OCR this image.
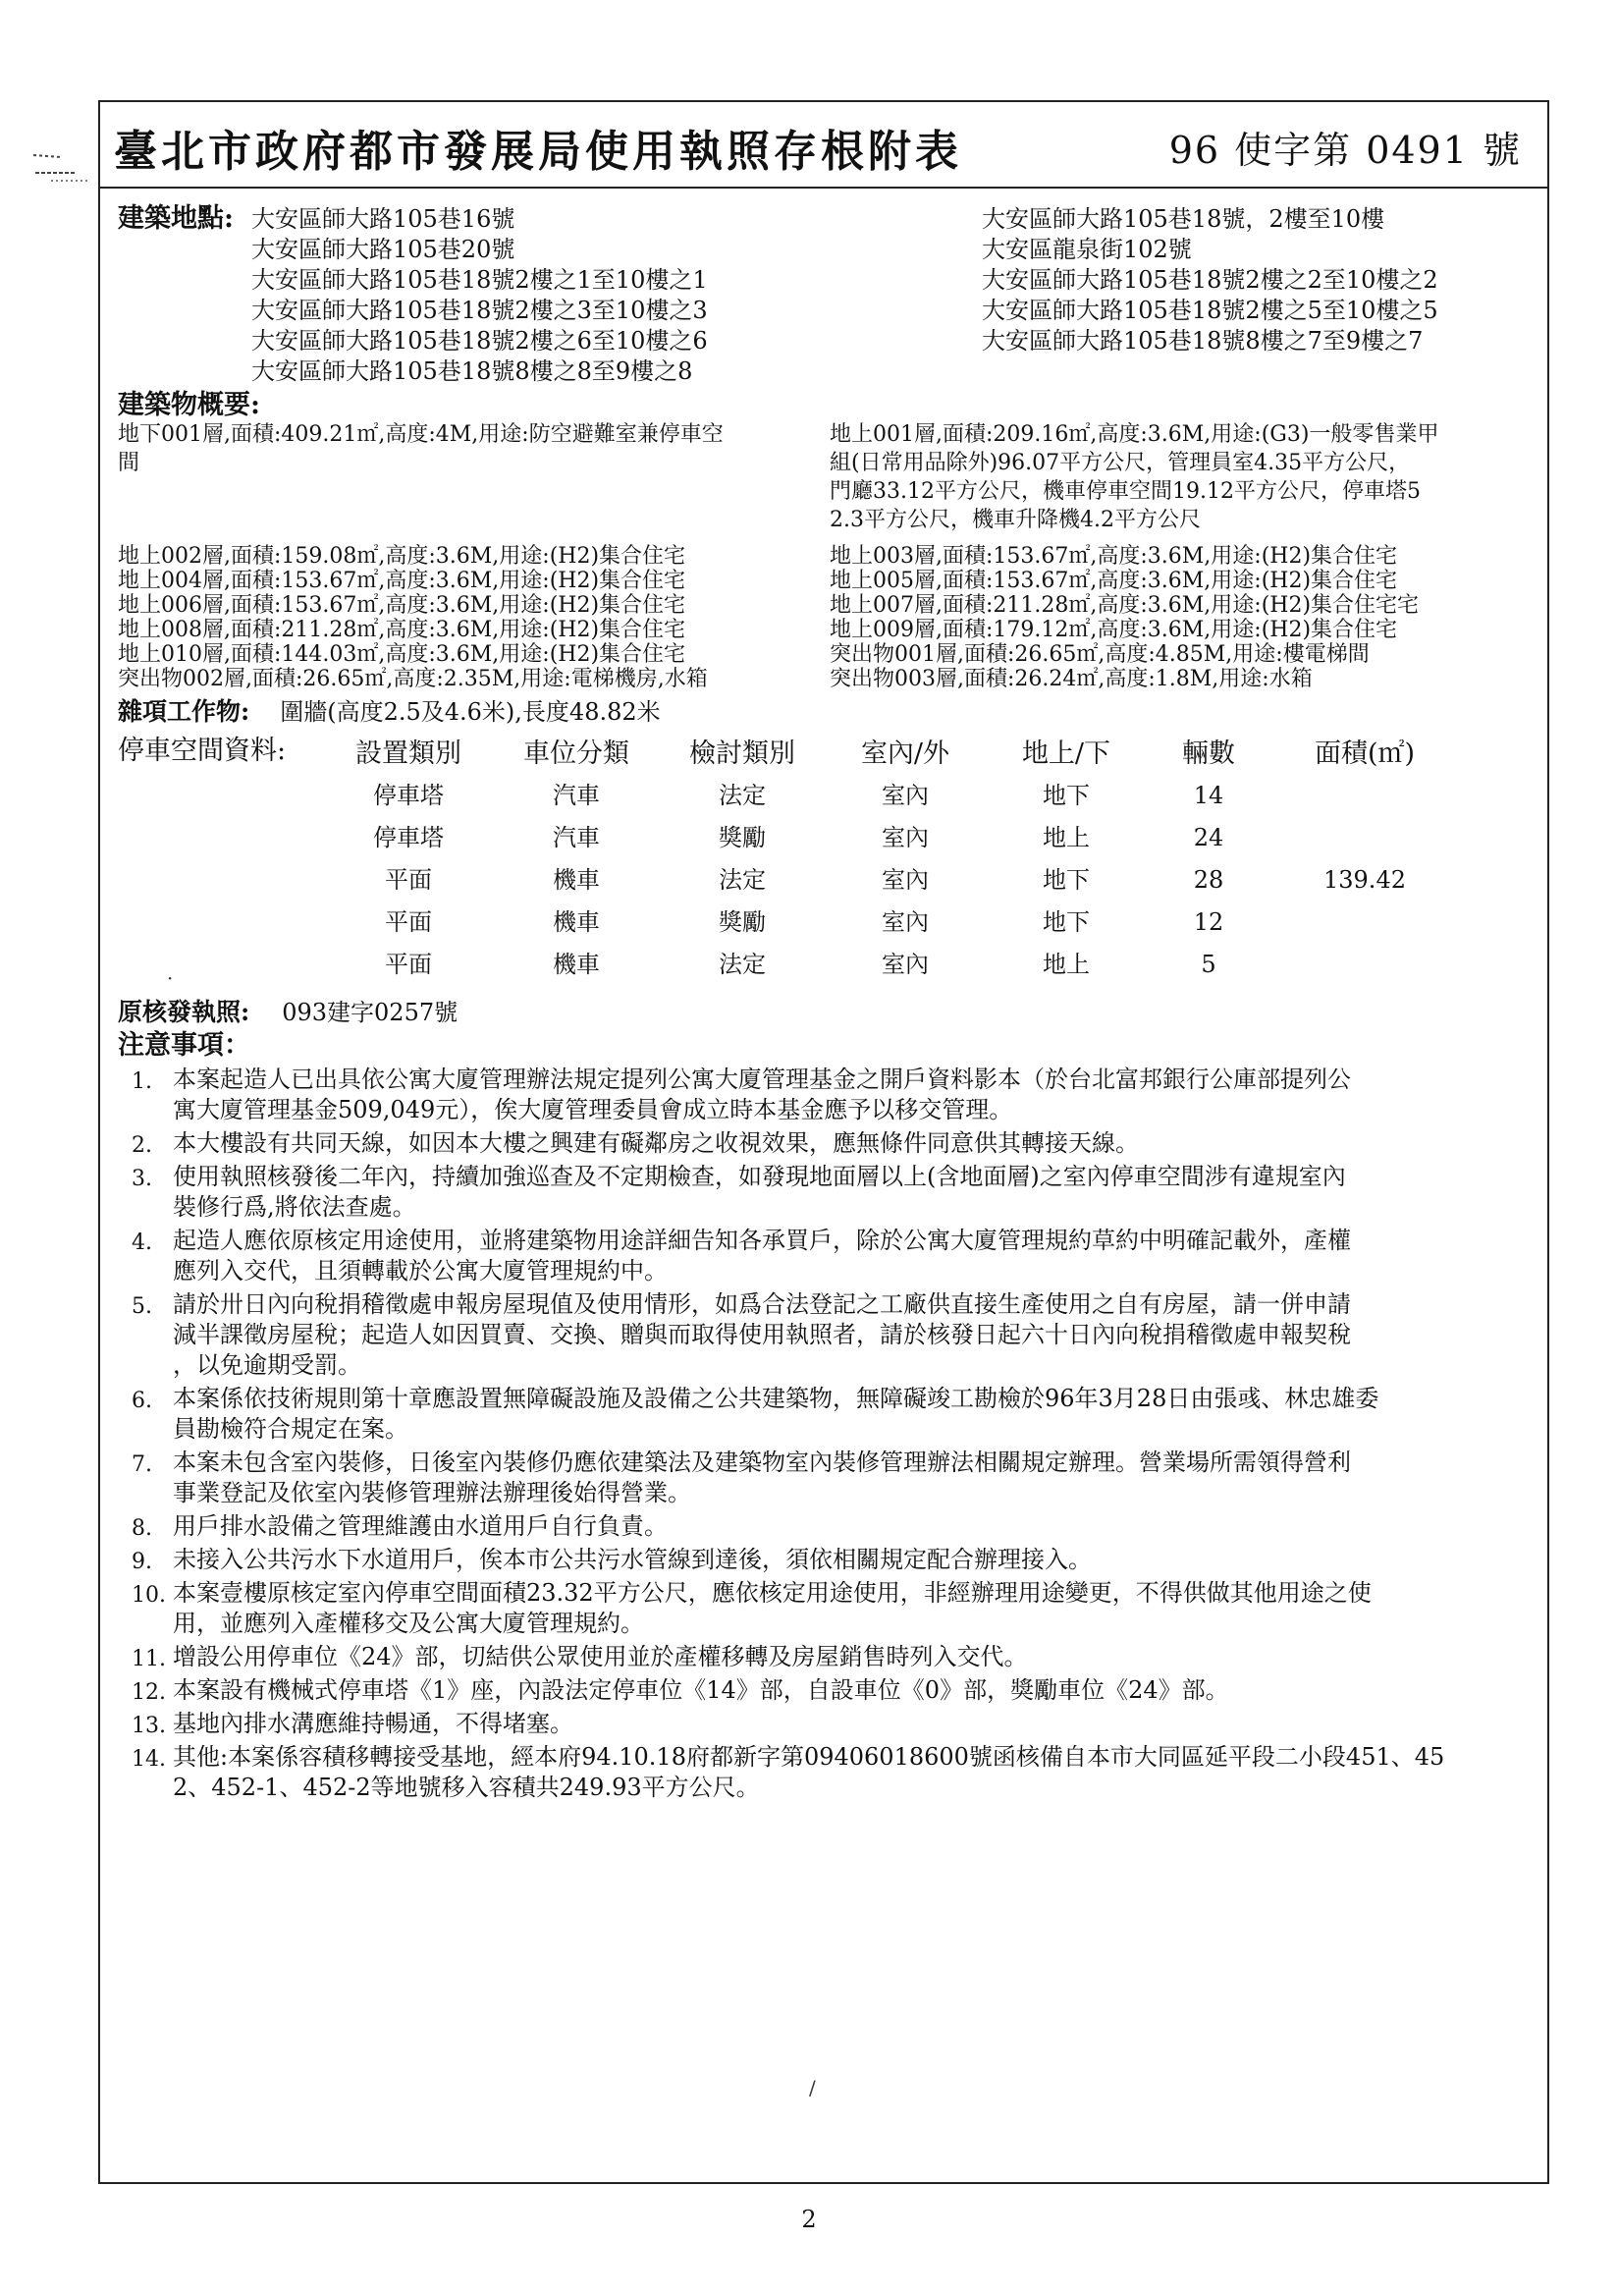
臺北市政府都市發展局使用執照存根附表	96 使字第 0491 號
建築地點: 大安區師大路105巷16號
大安區師大路105巷20號
大安區師大路105巷18號2樓之1至10樓之1
大安區師大路105巷18號2樓之3至10樓之3
大安區師大路105巷18號2樓之6至10樓之6
大安區師大路105巷18號8樓之8至9樓之8
大安區師大路105巷18號，2樓至10樓
大安區龍泉街102號
大安區師大路105巷18號2樓之2至10樓之2
大安區師大路105巷18號2樓之5至10樓之5
大安區師大路105巷18號8樓之7至9樓之7
建築物概要:
地下001層,面積:409.21㎡,高度:4M,用途:防空避難室兼停車空
間
地上001層,面積:209.16㎡,高度:3.6M,用途:(G3)一般零售業甲
組(日常用品除外)96.07平方公尺，管理員室4.35平方公尺，
門廳33.12平方公尺，機車停車空間19.12平方公尺，停車塔5
2.3平方公尺，機車升降機4.2平方公尺
地上002層,面積:159.08㎡,高度:3.6M,用途:(H2)集合住宅
地上004層,面積:153.67㎡,高度:3.6M,用途:(H2)集合住宅
地上006層,面積:153.67㎡,高度:3.6M,用途:(H2)集合住宅
地上008層,面積:211.28㎡,高度:3.6M,用途:(H2)集合住宅
地上010層,面積:144.03㎡,高度:3.6M,用途:(H2)集合住宅
突出物002層,面積:26.65㎡,高度:2.35M,用途:電梯機房,水箱
地上003層,面積:153.67㎡,高度:3.6M,用途:(H2)集合住宅
地上005層,面積:153.67㎡,高度:3.6M,用途:(H2)集合住宅
地上007層,面積:211.28㎡,高度:3.6M,用途:(H2)集合住宅宅
地上009層,面積:179.12㎡,高度:3.6M,用途:(H2)集合住宅
突出物001層,面積:26.65㎡,高度:4.85M,用途:樓電梯間
突出物003層,面積:26.24㎡,高度:1.8M,用途:水箱
雜項工作物: 圍牆(高度2.5及4.6米),長度48.82米
停車空間資料:	設置類別	車位分類	檢討類別	室內/外	地上/下	輛數	面積(㎡)
停車塔	汽車	法定	室內	地下	14	
停車塔	汽車	獎勵	室內	地上	24	
平面	機車	法定	室內	地下	28	139.42
平面	機車	獎勵	室內	地下	12	
平面	機車	法定	室內	地上	5	
原核發執照: 093建字0257號
注意事項：
1. 本案起造人已出具依公寓大廈管理辦法規定提列公寓大廈管理基金之開戶資料影本（於台北富邦銀行公庫部提列公
寓大廈管理基金509,049元），俟大廈管理委員會成立時本基金應予以移交管理。
2. 本大樓設有共同天線，如因本大樓之興建有礙鄰房之收視效果，應無條件同意供其轉接天線。
3. 使用執照核發後二年內，持續加強巡查及不定期檢查，如發現地面層以上(含地面層)之室內停車空間涉有違規室內
裝修行爲,將依法查處。
4. 起造人應依原核定用途使用，並將建築物用途詳細告知各承買戶，除於公寓大廈管理規約草約中明確記載外，產權
應列入交代，且須轉載於公寓大廈管理規約中。
5. 請於卅日內向稅捐稽徵處申報房屋現值及使用情形，如爲合法登記之工廠供直接生產使用之自有房屋，請一併申請
減半課徵房屋稅；起造人如因買賣、交換、贈與而取得使用執照者，請於核發日起六十日內向稅捐稽徵處申報契稅
，以免逾期受罰。
6. 本案係依技術規則第十章應設置無障礙設施及設備之公共建築物，無障礙竣工勘檢於96年3月28日由張彧、林忠雄委
員勘檢符合規定在案。
7. 本案未包含室內裝修，日後室內裝修仍應依建築法及建築物室內裝修管理辦法相關規定辦理。營業場所需領得營利
事業登記及依室內裝修管理辦法辦理後始得營業。
8. 用戶排水設備之管理維護由水道用戶自行負責。
9. 未接入公共污水下水道用戶，俟本市公共污水管線到達後，須依相關規定配合辦理接入。
10. 本案壹樓原核定室內停車空間面積23.32平方公尺，應依核定用途使用，非經辦理用途變更，不得供做其他用途之使
用，並應列入產權移交及公寓大廈管理規約。
11. 增設公用停車位《24》部，切結供公眾使用並於產權移轉及房屋銷售時列入交代。
12. 本案設有機械式停車塔《1》座，內設法定停車位《14》部，自設車位《0》部，獎勵車位《24》部。
13. 基地內排水溝應維持暢通，不得堵塞。
14. 其他:本案係容積移轉接受基地，經本府94.10.18府都新字第09406018600號函核備自本市大同區延平段二小段451、45
2、452-1、452-2等地號移入容積共249.93平方公尺。
·
/
2
